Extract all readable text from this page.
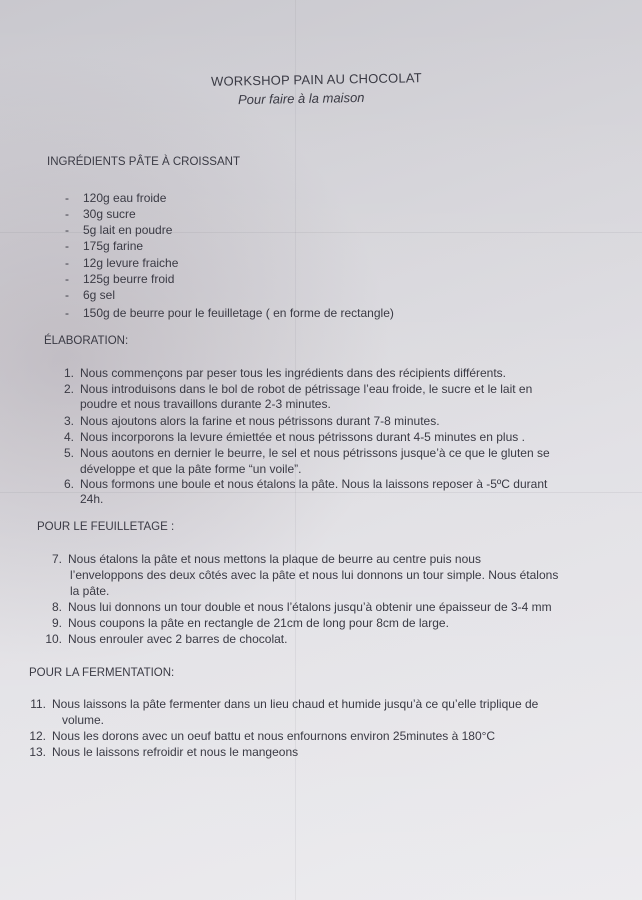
WORKSHOP PAIN AU CHOCOLAT
Pour faire à la maison
INGRÉDIENTS PÂTE À CROISSANT
- 120g eau froide
- 30g sucre
- 5g lait en poudre
- 175g farine
- 12g levure fraiche
- 125g beurre froid
- 6g sel
- 150g de beurre pour le feuilletage ( en forme de rectangle)
ÉLABORATION:
1. Nous commençons par peser tous les ingrédients dans des récipients différents.
2. Nous introduisons dans le bol de robot de pétrissage l’eau froide, le sucre et le lait en
poudre et nous travaillons durante 2-3 minutes.
3. Nous ajoutons alors la farine et nous pétrissons durant 7-8 minutes.
4. Nous incorporons la levure émiettée et nous pétrissons durant 4-5 minutes en plus .
5. Nous aoutons en dernier le beurre, le sel et nous pétrissons jusque’à ce que le gluten se
développe et que la pâte forme “un voile”.
6. Nous formons une boule et nous étalons la pâte. Nous la laissons reposer à -5ºC durant
24h.
POUR LE FEUILLETAGE :
7. Nous étalons la pâte et nous mettons la plaque de beurre au centre puis nous
l’enveloppons des deux côtés avec la pâte et nous lui donnons un tour simple. Nous étalons
la pâte.
8. Nous lui donnons un tour double et nous l’étalons jusqu’à obtenir une épaisseur de 3-4 mm
9. Nous coupons la pâte en rectangle de 21cm de long pour 8cm de large.
10. Nous enrouler avec 2 barres de chocolat.
POUR LA FERMENTATION:
11. Nous laissons la pâte fermenter dans un lieu chaud et humide jusqu’à ce qu’elle triplique de
volume.
12. Nous les dorons avec un oeuf battu et nous enfournons environ 25minutes à 180°C
13. Nous le laissons refroidir et nous le mangeons
